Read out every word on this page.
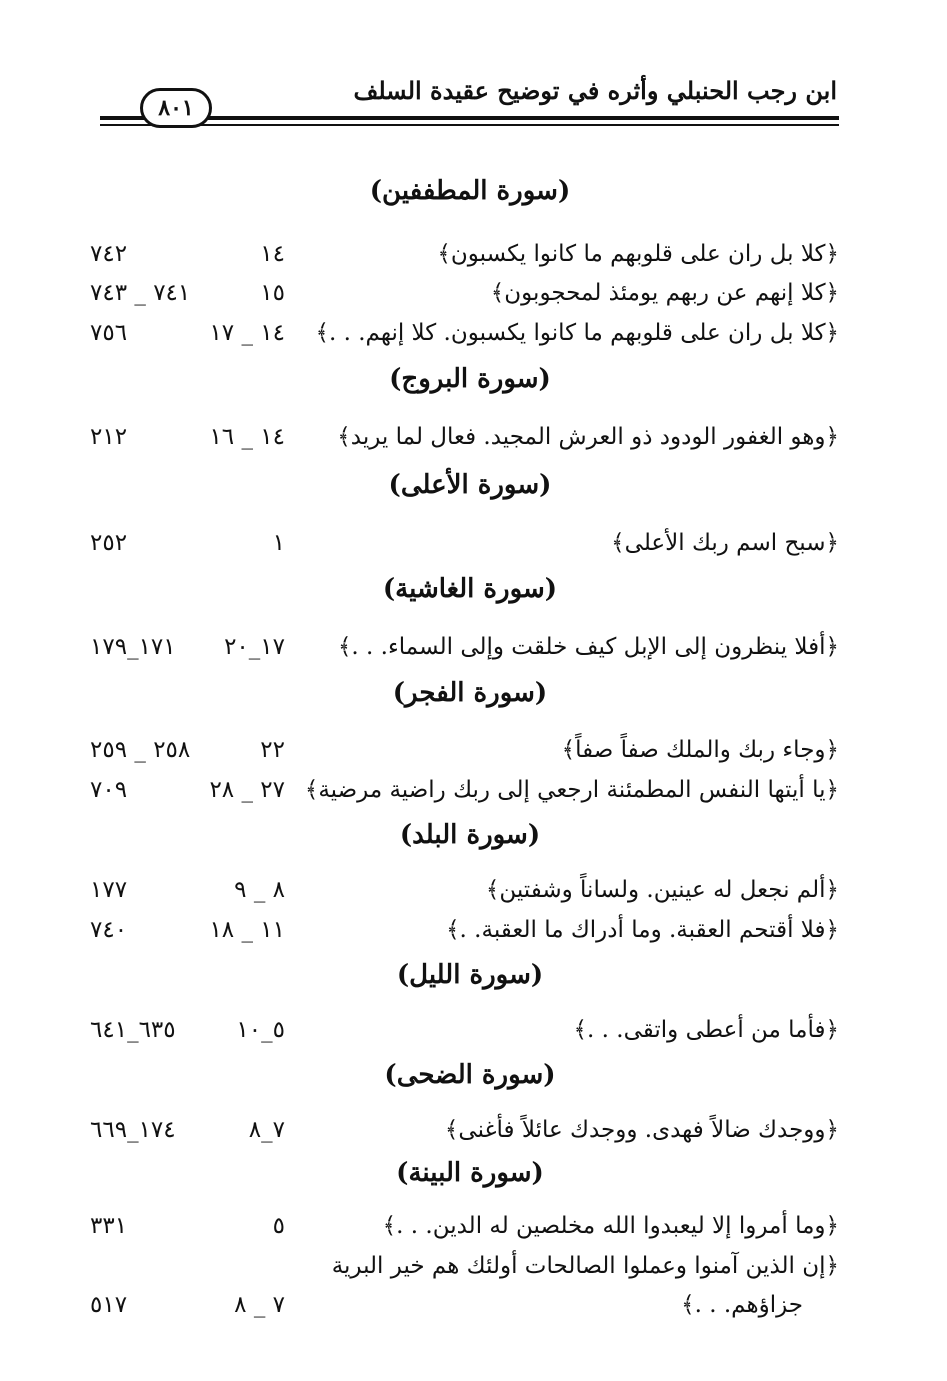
ابن رجب الحنبلي وأثره في توضيح عقيدة السلف
٨٠١
(سورة المطففين)
﴿كلا بل ران على قلوبهم ما كانوا يكسبون﴾
١٤
٧٤٢
﴿كلا إنهم عن ربهم يومئذ لمحجوبون﴾
١٥
٧٤١ _ ٧٤٣
﴿كلا بل ران على قلوبهم ما كانوا يكسبون. كلا إنهم. . .﴾
١٤ _ ١٧
٧٥٦
(سورة البروج)
﴿وهو الغفور الودود ذو العرش المجيد. فعال لما يريد﴾
١٤ _ ١٦
٢١٢
(سورة الأعلى)
﴿سبح اسم ربك الأعلى﴾
١
٢٥٢
(سورة الغاشية)
﴿أفلا ينظرون إلى الإبل كيف خلقت وإلى السماء. . .﴾
١٧_٢٠
١٧١_١٧٩
(سورة الفجر)
﴿وجاء ربك والملك صفاً صفاً﴾
٢٢
٢٥٨ _ ٢٥٩
﴿يا أيتها النفس المطمئنة ارجعي إلى ربك راضية مرضية﴾
٢٧ _ ٢٨
٧٠٩
(سورة البلد)
﴿ألم نجعل له عينين. ولساناً وشفتين﴾
٨ _ ٩
١٧٧
﴿فلا أقتحم العقبة. وما أدراك ما العقبة. .﴾
١١ _ ١٨
٧٤٠
(سورة الليل)
﴿فأما من أعطى واتقى. . .﴾
٥_١٠
٦٣٥_٦٤١
(سورة الضحى)
﴿ووجدك ضالاً فهدى. ووجدك عائلاً فأغنى﴾
٧_٨
١٧٤_٦٦٩
(سورة البينة)
﴿وما أمروا إلا ليعبدوا الله مخلصين له الدين. . .﴾
٥
٣٣١
﴿إن الذين آمنوا وعملوا الصالحات أولئك هم خير البرية
جزاؤهم. . .﴾
٧ _ ٨
٥١٧
